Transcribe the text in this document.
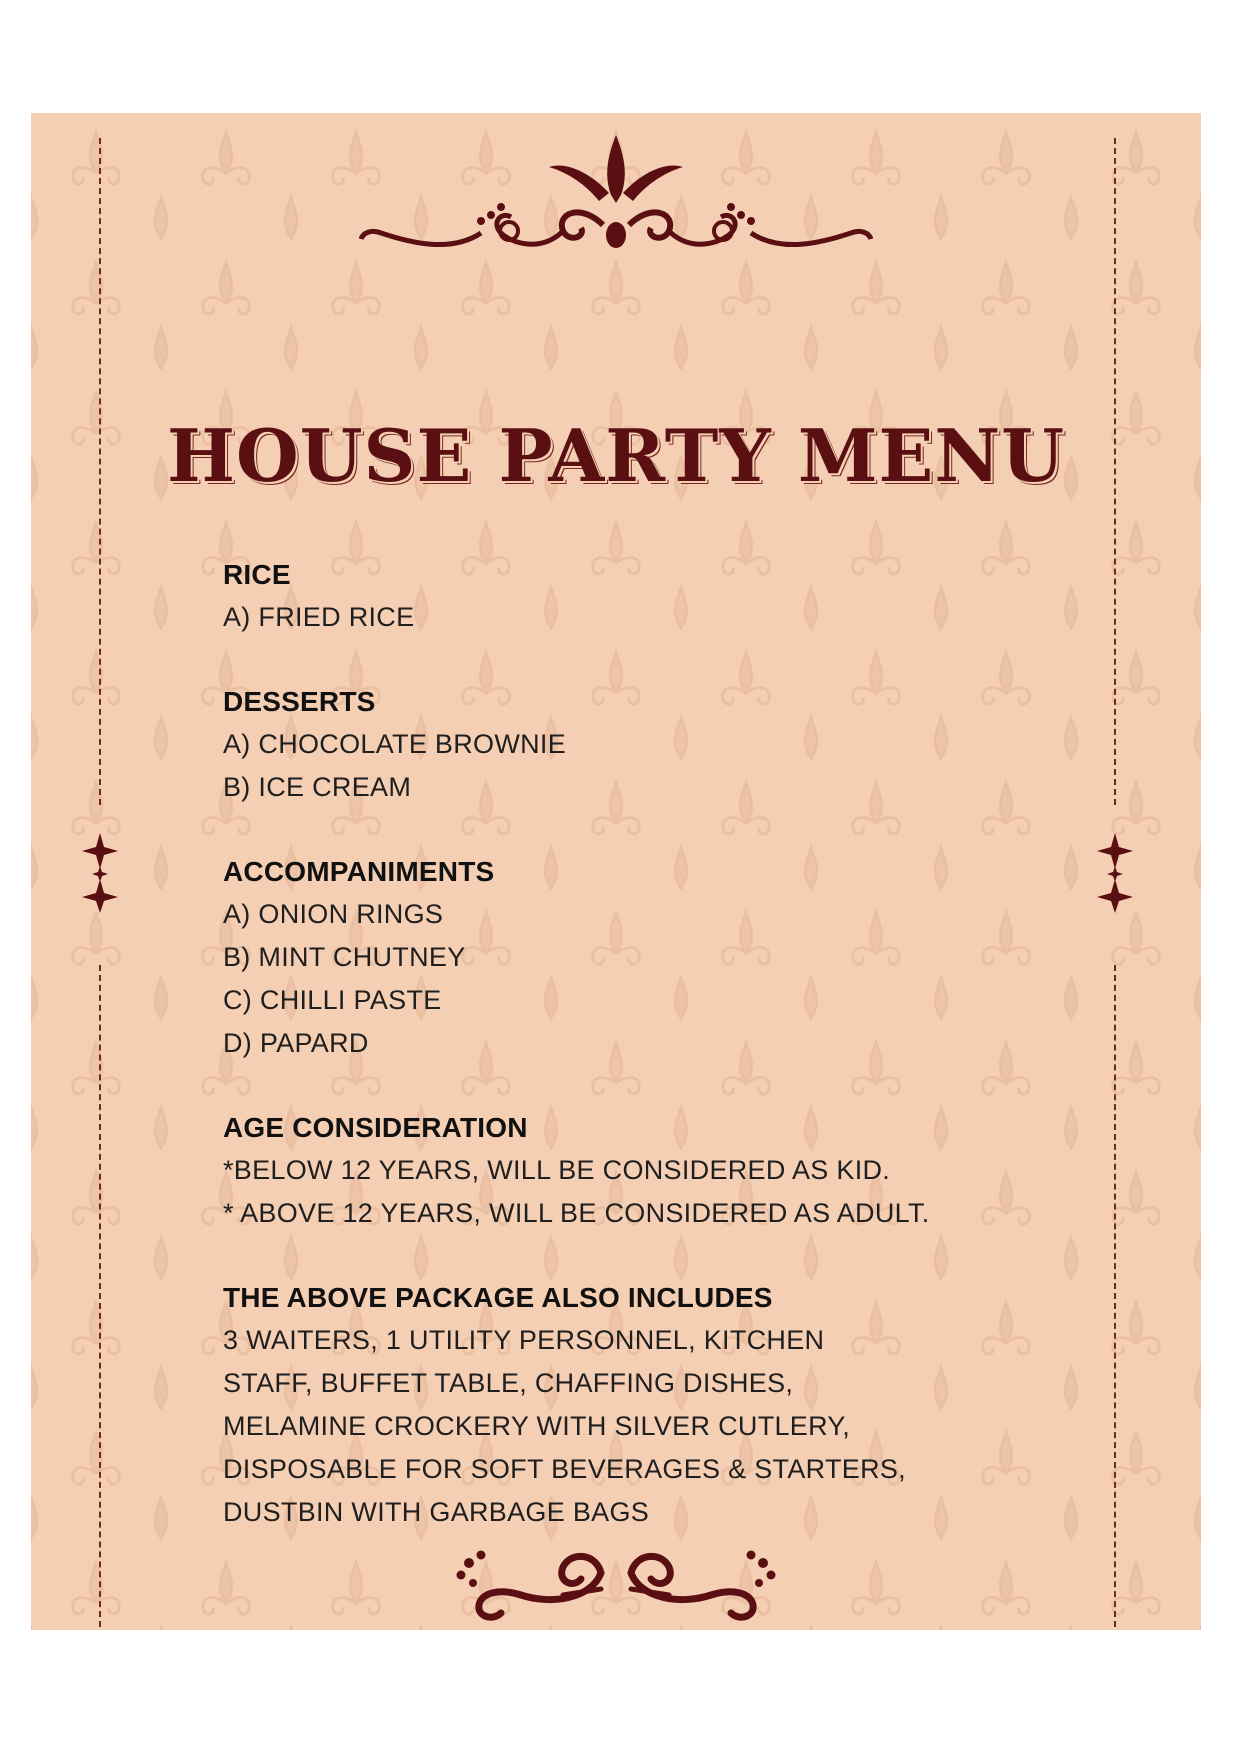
HOUSE PARTY MENU
RICE
A) FRIED RICE
DESSERTS
A) CHOCOLATE BROWNIE
B) ICE CREAM
ACCOMPANIMENTS
A) ONION RINGS
B) MINT CHUTNEY
C) CHILLI PASTE
D) PAPARD
AGE CONSIDERATION
*BELOW 12 YEARS, WILL BE CONSIDERED AS KID.
* ABOVE 12 YEARS, WILL BE CONSIDERED AS ADULT.
THE ABOVE PACKAGE ALSO INCLUDES
3 WAITERS, 1 UTILITY PERSONNEL, KITCHEN
STAFF, BUFFET TABLE, CHAFFING DISHES,
MELAMINE CROCKERY WITH SILVER CUTLERY,
DISPOSABLE FOR SOFT BEVERAGES & STARTERS,
DUSTBIN WITH GARBAGE BAGS
